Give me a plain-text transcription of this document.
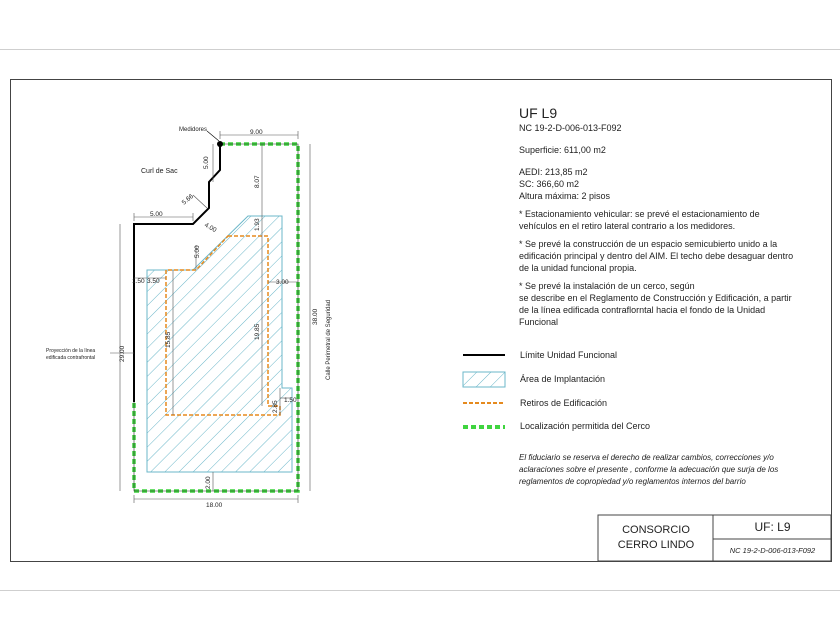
9.00
5.00
5.00
5.66
4.00
5.00
1.50 3.50
8.07
1.93
3.00
38.00
29.00
15.85	19.85
2.85 1.50
2.00
18.00
Medidores
Curl de Sac
Calle Perimetral de Seguridad
Proyección de la línea
edificada contrafrontal

UF L9

NC 19-2-D-006-013-F092

Superficie: 611,00 m2

AEDI: 213,85 m2

SC: 366,60 m2

Altura máxima: 2 pisos

* Estacionamiento vehicular: se prevé el estacionamiento de

vehículos en el retiro lateral contrario a los medidores.

* Se prevé la construcción de un espacio semicubierto unido a la

edificación principal y dentro del AIM. El techo debe desaguar dentro

de la unidad funcional propia.

* Se prevé la instalación de un cerco, según

se describe en el Reglamento de Construcción y Edificación, a partir

de la línea edificada contraflorntal hacia el fondo de la Unidad

Funcional

Límite Unidad Funcional
Área de Implantación
Retiros de Edificación
Localización permitida del Cerco
El fiduciario se reserva el derecho de realizar cambios, correcciones y/o
aclaraciones sobre el presente , conforme la adecuación que surja de los
reglamentos de copropiedad y/o reglamentos internos del barrio
CONSORCIO
CERRO LINDO
UF: L9
NC 19-2-D-006-013-F092
